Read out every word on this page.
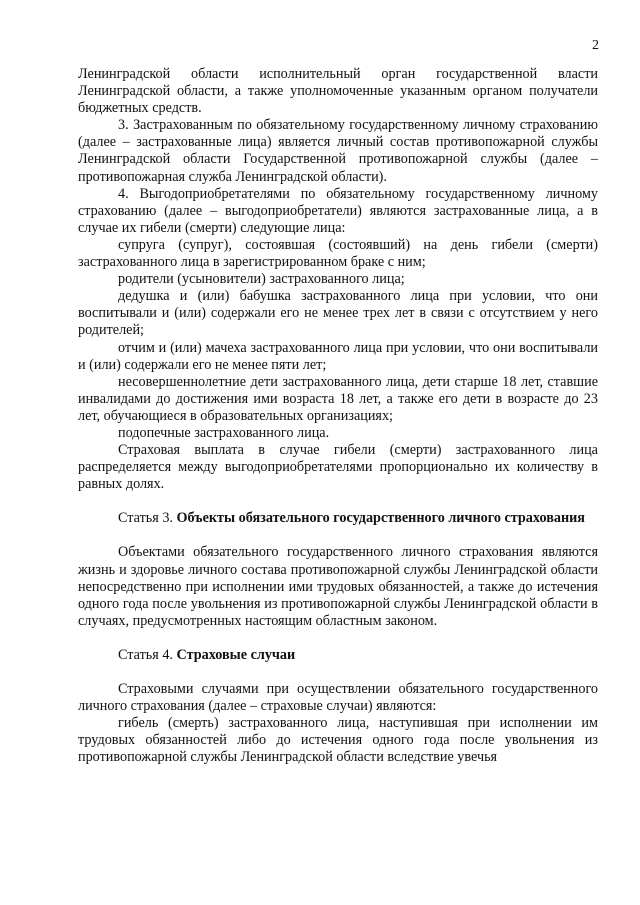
2

Ленинградской области исполнительный орган государственной власти Ленинградской области, а также уполномоченные указанным органом получатели бюджетных средств.

3. Застрахованным по обязательному государственному личному страхованию (далее – застрахованные лица) является личный состав противопожарной службы Ленинградской области Государственной противопожарной службы (далее – противопожарная служба Ленинградской области).

4. Выгодоприобретателями по обязательному государственному личному страхованию (далее – выгодоприобретатели) являются застрахованные лица, а в случае их гибели (смерти) следующие лица:

супруга (супруг), состоявшая (состоявший) на день гибели (смерти) застрахованного лица в зарегистрированном браке с ним;

родители (усыновители) застрахованного лица;

дедушка и (или) бабушка застрахованного лица при условии, что они воспитывали и (или) содержали его не менее трех лет в связи с отсутствием у него родителей;

отчим и (или) мачеха застрахованного лица при условии, что они воспитывали и (или) содержали его не менее пяти лет;

несовершеннолетние дети застрахованного лица, дети старше 18 лет, ставшие инвалидами до достижения ими возраста 18 лет, а также его дети в возрасте до 23 лет, обучающиеся в образовательных организациях;

подопечные застрахованного лица.

Страховая выплата в случае гибели (смерти) застрахованного лица распределяется между выгодоприобретателями пропорционально их количеству в равных долях.

Статья 3. Объекты обязательного государственного личного страхования

Объектами обязательного государственного личного страхования являются жизнь и здоровье личного состава противопожарной службы Ленинградской области непосредственно при исполнении ими трудовых обязанностей, а также до истечения одного года после увольнения из противопожарной службы Ленинградской области в случаях, предусмотренных настоящим областным законом.

Статья 4. Страховые случаи

Страховыми случаями при осуществлении обязательного государственного личного страхования (далее – страховые случаи) являются:

гибель (смерть) застрахованного лица, наступившая при исполнении им трудовых обязанностей либо до истечения одного года после увольнения из противопожарной службы Ленинградской области вследствие увечья
